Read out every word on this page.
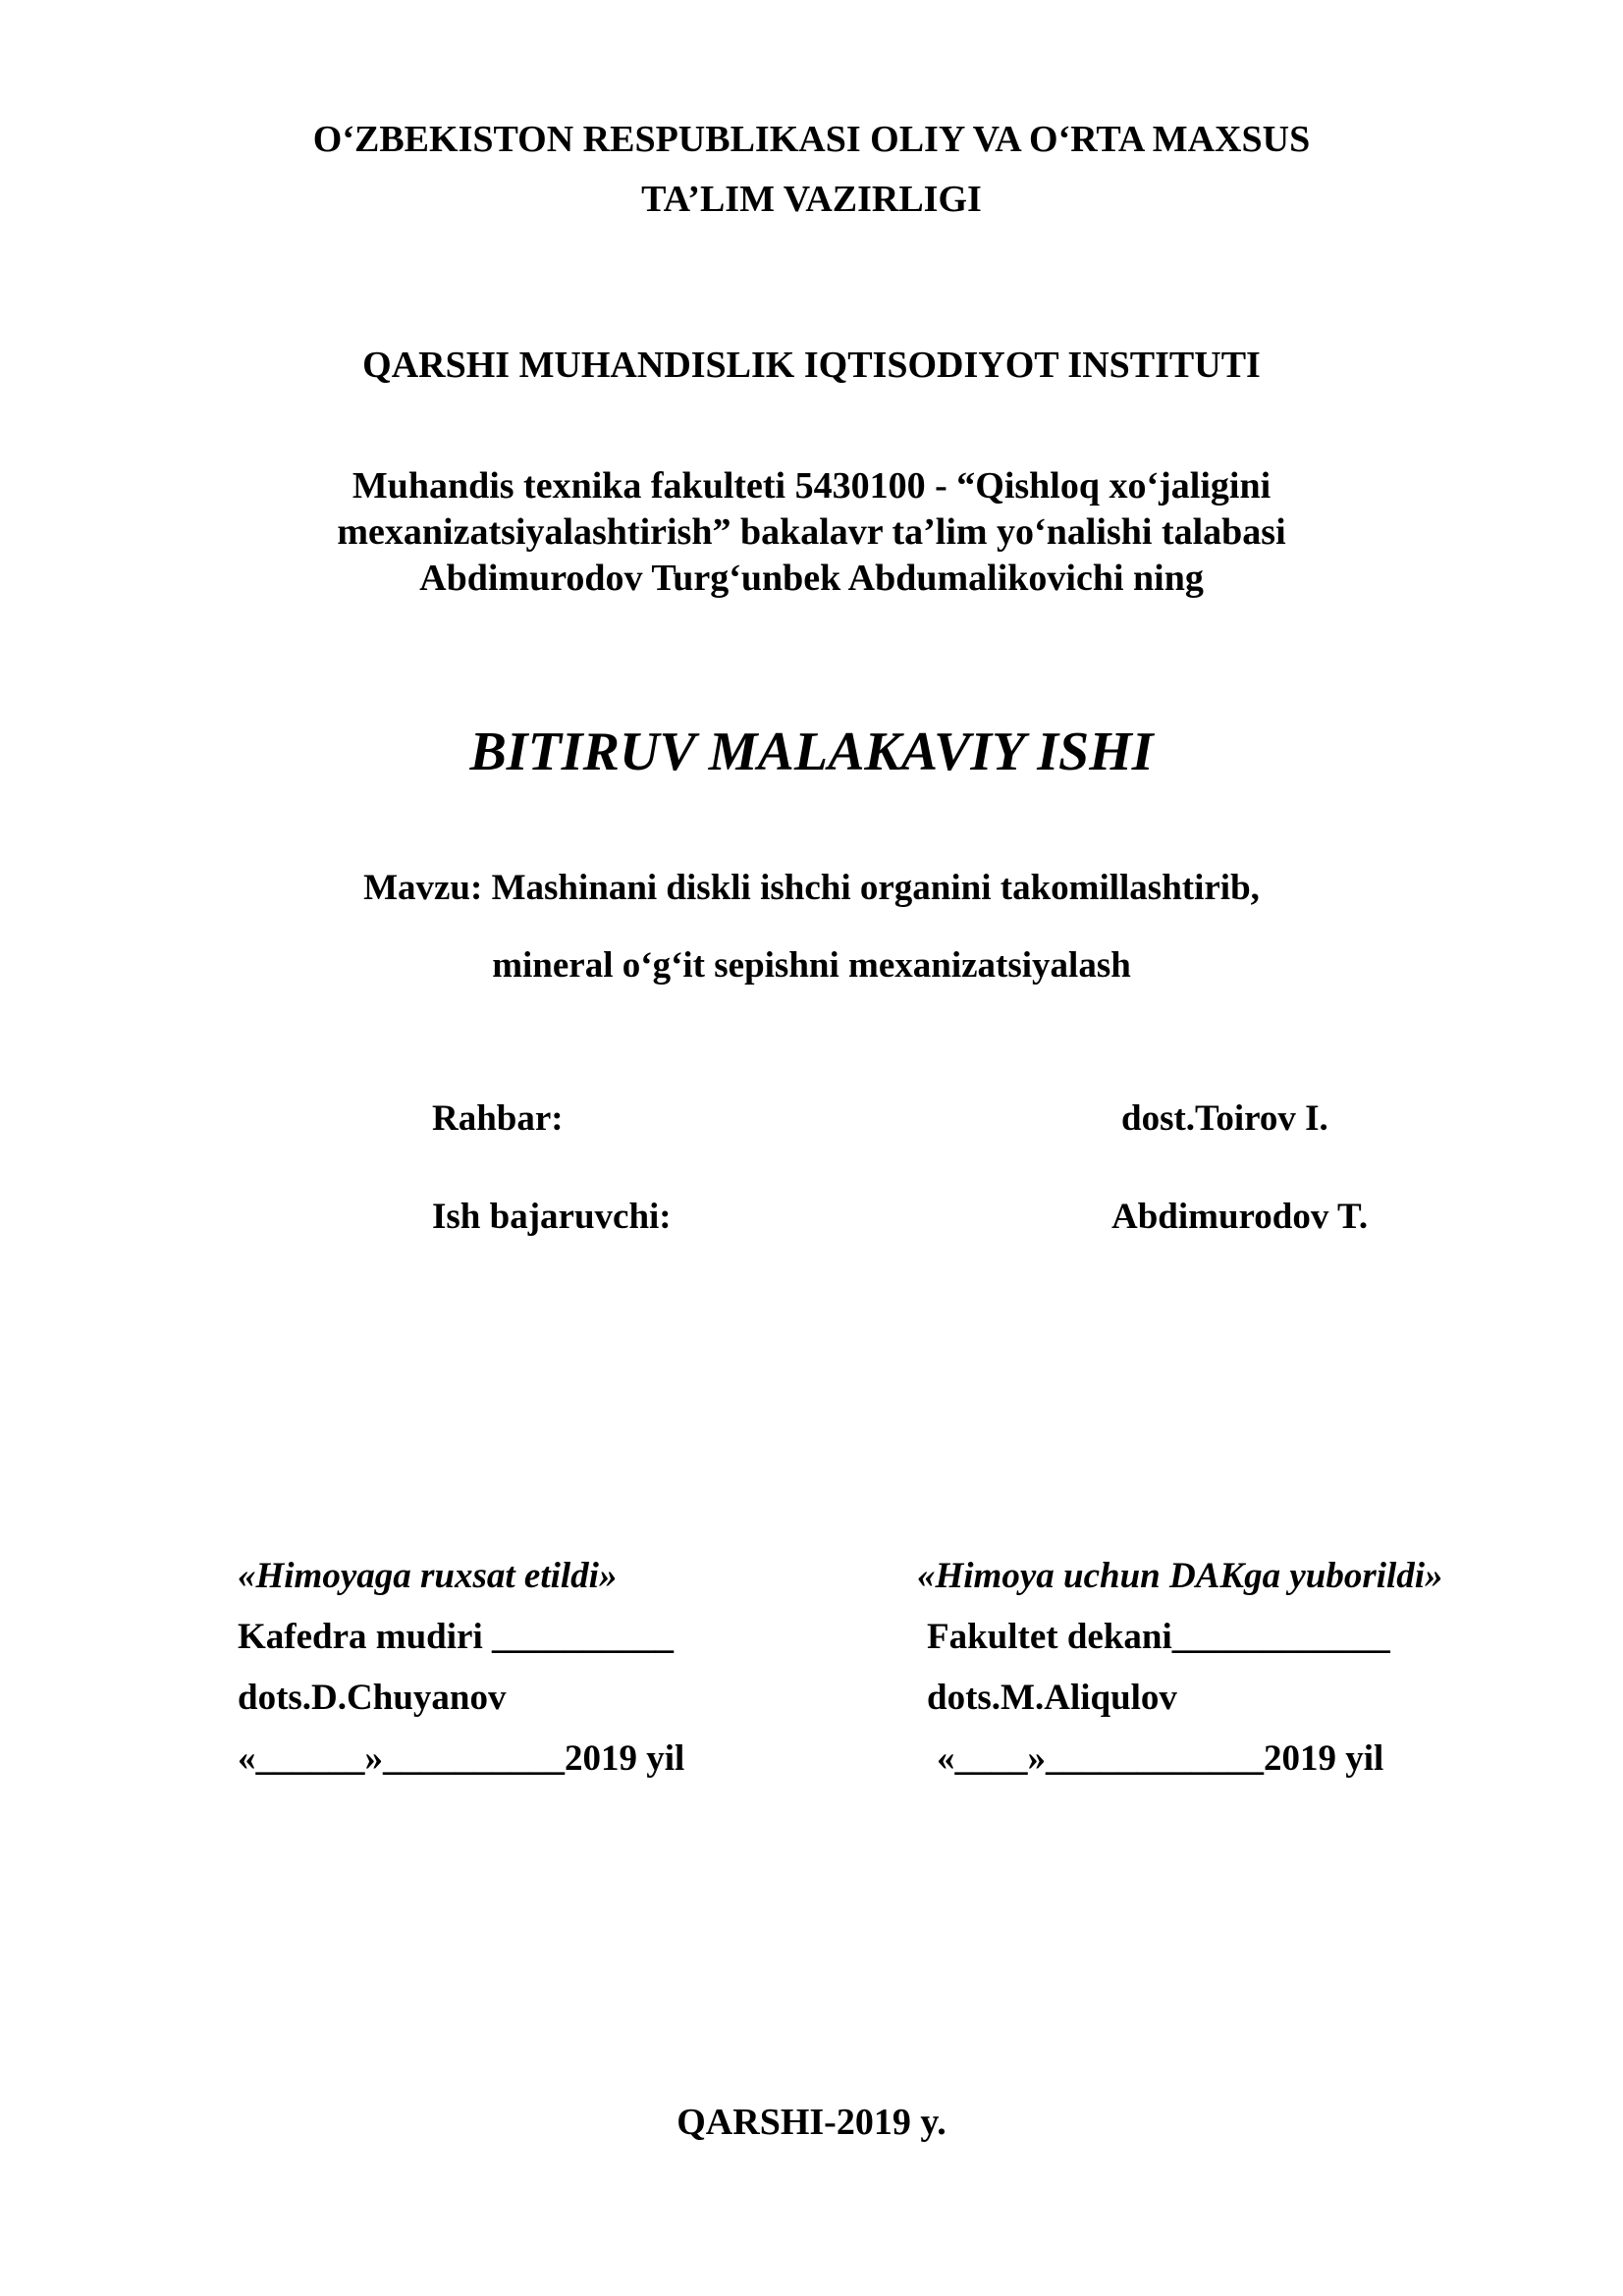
O‘ZBEKISTON RESPUBLIKASI OLIY VA O‘RTA MAXSUS
TA’LIM VAZIRLIGI
QARSHI MUHANDISLIK IQTISODIYOT INSTITUTI
Muhandis texnika fakulteti 5430100 - “Qishloq xo‘jaligini
mexanizatsiyalashtirish” bakalavr ta’lim yo‘nalishi talabasi
Abdimurodov Turg‘unbek Abdumalikovichi ning
BITIRUV MALAKAVIY ISHI
Mavzu: Mashinani diskli ishchi organini takomillashtirib,
mineral o‘g‘it sepishni mexanizatsiyalash
Rahbar:	dost.Toirov I.
Ish bajaruvchi:	Abdimurodov T.
«Himoyaga ruxsat etildi»
Kafedra mudiri __________
dots.D.Chuyanov
«______»__________2019 yil
«Himoya uchun DAKga yuborildi»
Fakultet dekani____________
dots.M.Aliqulov
«____»____________2019 yil
QARSHI-2019 y.
